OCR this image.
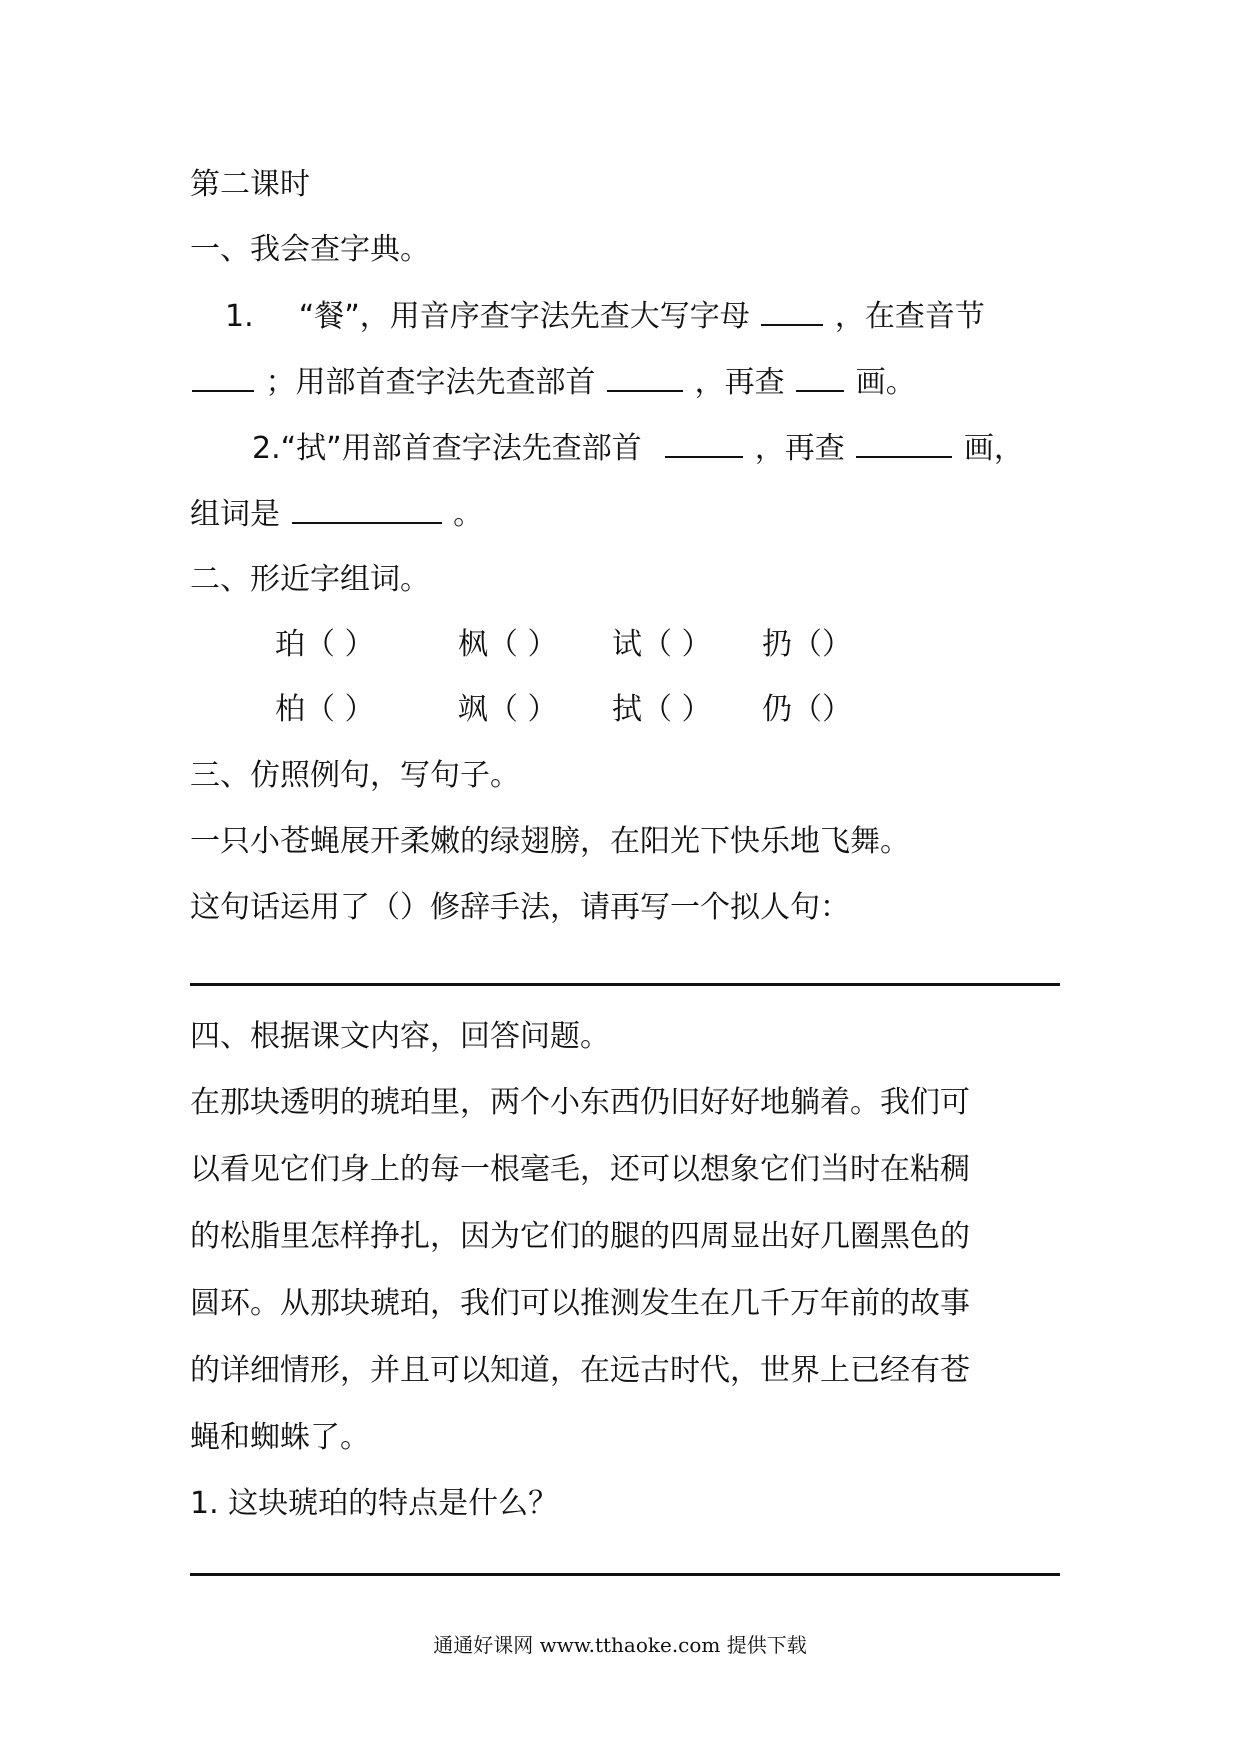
第二课时
一、我会查字典。
1. “餐”，用音序查字法先查大写字母	，在查音节
；用部首查字法先查部首	，再查 画。
2.“拭”用部首查字法先查部首	，再查	画，
组词是	。
二、形近字组词。
珀（ ）	枫（ ） 试（ ） 扔（）
柏（ ）	飒（ ） 拭（ ） 仍（）
三、仿照例句，写句子。
一只小苍蝇展开柔嫩的绿翅膀，在阳光下快乐地飞舞。
这句话运用了（）修辞手法，请再写一个拟人句：
四、根据课文内容，回答问题。
在那块透明的琥珀里，两个小东西仍旧好好地躺着。我们可
以看见它们身上的每一根毫毛，还可以想象它们当时在粘稠
的松脂里怎样挣扎，因为它们的腿的四周显出好几圈黑色的
圆环。从那块琥珀，我们可以推测发生在几千万年前的故事
的详细情形，并且可以知道，在远古时代，世界上已经有苍
蝇和蜘蛛了。
1. 这块琥珀的特点是什么？
通通好课网 www.tthaoke.com 提供下载
